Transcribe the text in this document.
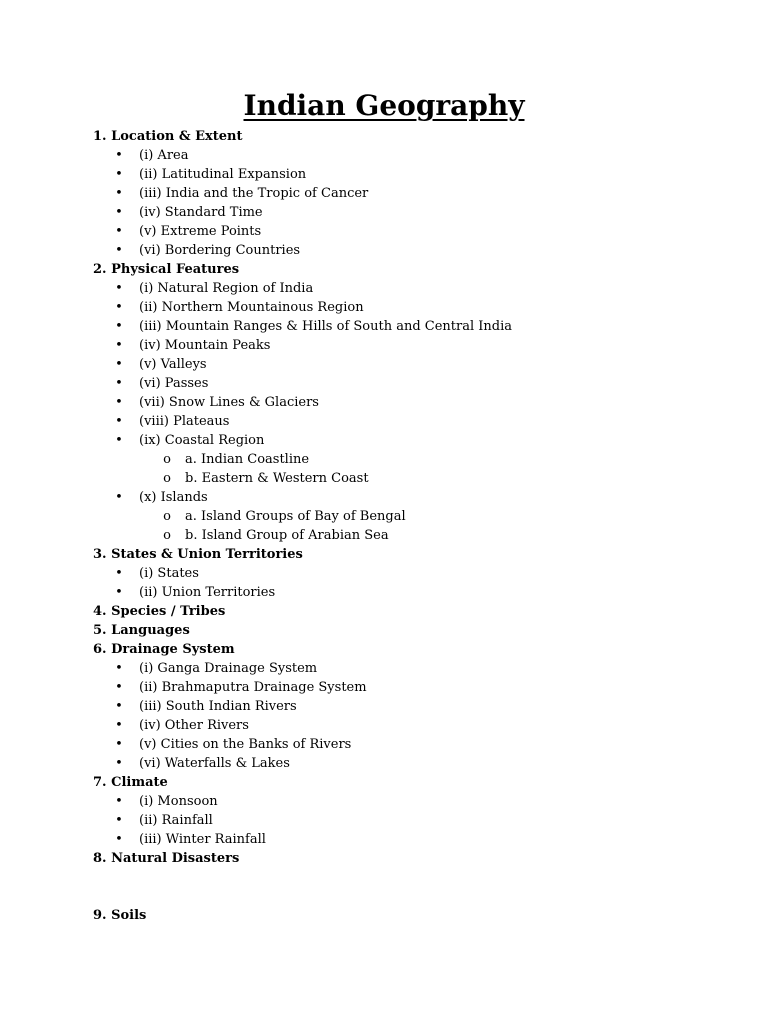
Indian Geography
1. Location & Extent
• (i) Area
• (ii) Latitudinal Expansion
• (iii) India and the Tropic of Cancer
• (iv) Standard Time
• (v) Extreme Points
• (vi) Bordering Countries
2. Physical Features
• (i) Natural Region of India
• (ii) Northern Mountainous Region
• (iii) Mountain Ranges & Hills of South and Central India
• (iv) Mountain Peaks
• (v) Valleys
• (vi) Passes
• (vii) Snow Lines & Glaciers
• (viii) Plateaus
• (ix) Coastal Region
o a. Indian Coastline
o b. Eastern & Western Coast
• (x) Islands
o a. Island Groups of Bay of Bengal
o b. Island Group of Arabian Sea
3. States & Union Territories
• (i) States
• (ii) Union Territories
4. Species / Tribes
5. Languages
6. Drainage System
• (i) Ganga Drainage System
• (ii) Brahmaputra Drainage System
• (iii) South Indian Rivers
• (iv) Other Rivers
• (v) Cities on the Banks of Rivers
• (vi) Waterfalls & Lakes
7. Climate
• (i) Monsoon
• (ii) Rainfall
• (iii) Winter Rainfall
8. Natural Disasters
9. Soils
